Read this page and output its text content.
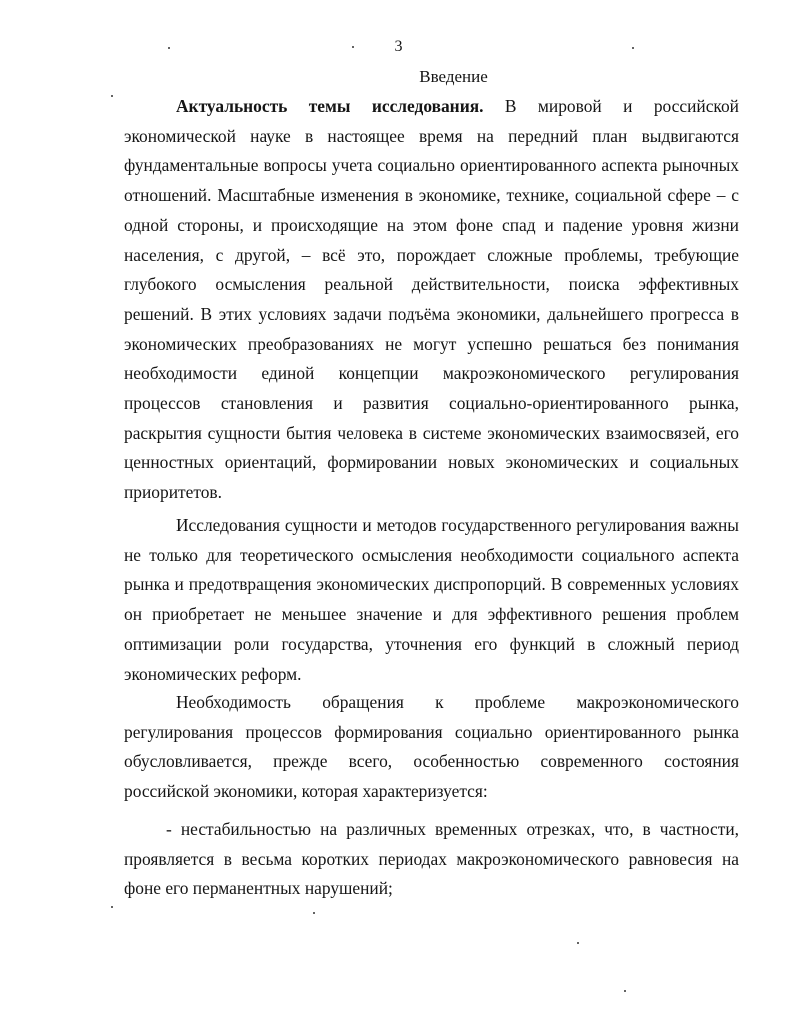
3
Введение

Актуальность темы исследования. В мировой и российской экономической науке в настоящее время на передний план выдвигаются фундаментальные вопросы учета социально ориентированного аспекта рыночных отношений. Масштабные изменения в экономике, технике, социальной сфере – с одной стороны, и происходящие на этом фоне спад и падение уровня жизни населения, с другой, – всё это, порождает сложные проблемы, требующие глубокого осмысления реальной действительности, поиска эффективных решений. В этих условиях задачи подъёма экономики, дальнейшего прогресса в экономических преобразованиях не могут успешно решаться без понимания необходимости единой концепции макроэкономического регулирования процессов становления и развития социально-ориентированного рынка, раскрытия сущности бытия человека в системе экономических взаимосвязей, его ценностных ориентаций, формировании новых экономических и социальных приоритетов.

Исследования сущности и методов государственного регулирования важны не только для теоретического осмысления необходимости социального аспекта рынка и предотвращения экономических диспропорций. В современных условиях он приобретает не меньшее значение и для эффективного решения проблем оптимизации роли государства, уточнения его функций в сложный период экономических реформ.

Необходимость обращения к проблеме макроэкономического регулирования процессов формирования социально ориентированного рынка обусловливается, прежде всего, особенностью современного состояния российской экономики, которая характеризуется:

- нестабильностью на различных временных отрезках, что, в частности, проявляется в весьма коротких периодах макроэкономического равновесия на фоне его перманентных нарушений;
